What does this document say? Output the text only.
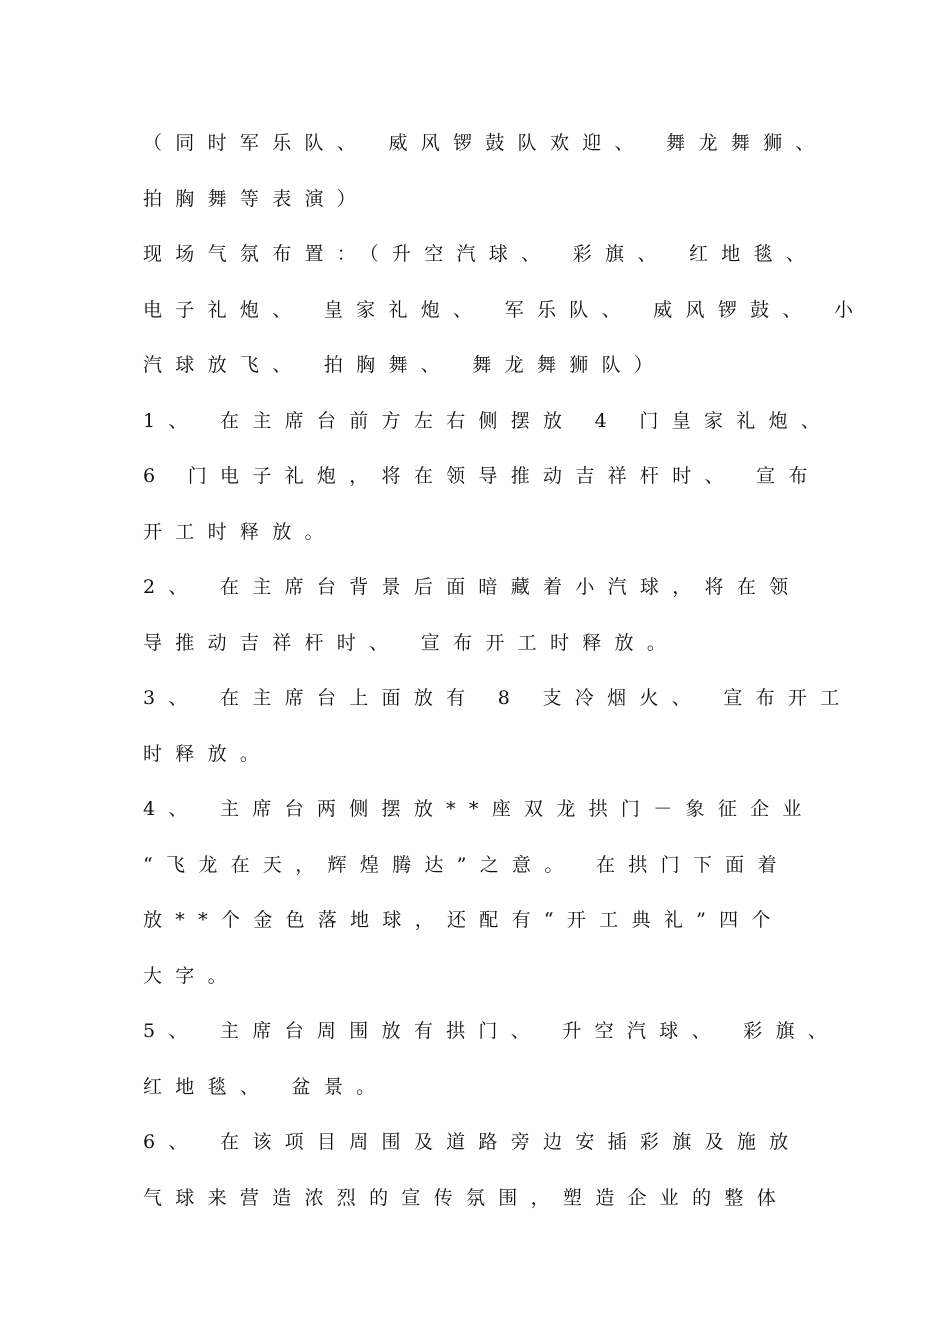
（同时军乐队、 威风锣鼓队欢迎、 舞龙舞狮、
拍胸舞等表演）
现场气氛布置：（升空汽球、 彩旗、 红地毯、
电子礼炮、 皇家礼炮、 军乐队、 威风锣鼓、 小
汽球放飞、 拍胸舞、 舞龙舞狮队）
1、 在主席台前方左右侧摆放 4 门皇家礼炮、
6 门电子礼炮，将在领导推动吉祥杆时、 宣布
开工时释放。
2、 在主席台背景后面暗藏着小汽球，将在领
导推动吉祥杆时、 宣布开工时释放。
3、 在主席台上面放有 8 支冷烟火、 宣布开工
时释放。
4、 主席台两侧摆放**座双龙拱门－象征企业
“飞龙在天，辉煌腾达”之意。 在拱门下面着
放**个金色落地球，还配有“开工典礼”四个
大字。
5、 主席台周围放有拱门、 升空汽球、 彩旗、
红地毯、 盆景。
6、 在该项目周围及道路旁边安插彩旗及施放
气球来营造浓烈的宣传氛围，塑造企业的整体
